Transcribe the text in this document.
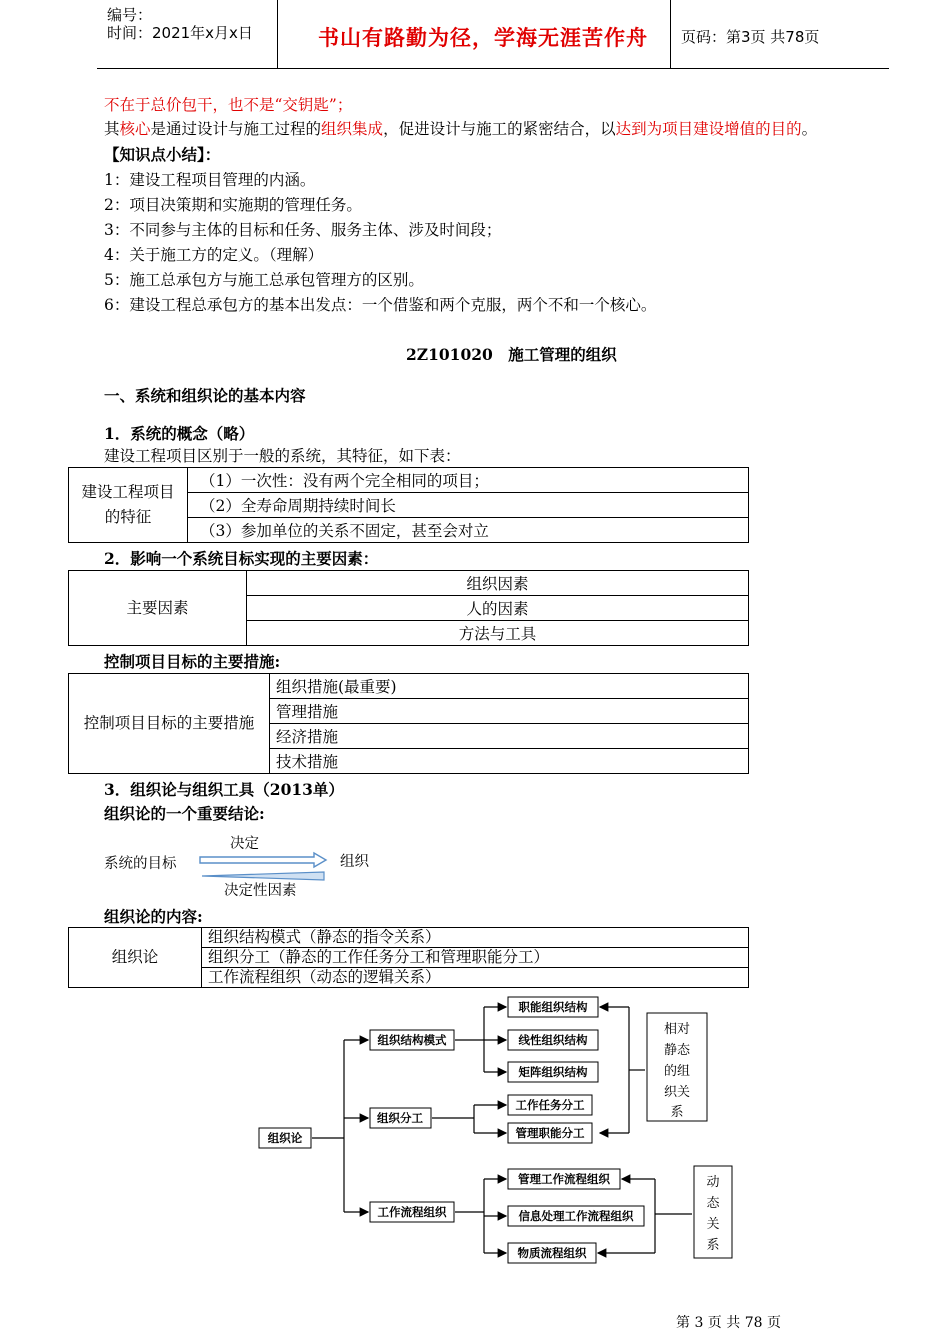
编号：
时间：2021年x月x日	书山有路勤为径，学海无涯苦作舟 页码：第3页 共78页
不在于总价包干，也不是“交钥匙”；
其核心是通过设计与施工过程的组织集成，促进设计与施工的紧密结合，以达到为项目建设增值的目的。
【知识点小结】：
1：建设工程项目管理的内涵。
2：项目决策期和实施期的管理任务。
3：不同参与主体的目标和任务、服务主体、涉及时间段；
4：关于施工方的定义。（理解）
5：施工总承包方与施工总承包管理方的区别。
6：建设工程总承包方的基本出发点：一个借鉴和两个克服，两个不和一个核心。
2Z101020　施工管理的组织
一、系统和组织论的基本内容
1．系统的概念（略）
建设工程项目区别于一般的系统，其特征，如下表：
建设工程项目的特征	（1）一次性：没有两个完全相同的项目；
（2）全寿命周期持续时间长
（3）参加单位的关系不固定，甚至会对立
2．影响一个系统目标实现的主要因素：
主要因素	组织因素
人的因素
方法与工具
控制项目目标的主要措施:
控制项目目标的主要措施	组织措施(最重要)
管理措施
经济措施
技术措施
3．组织论与组织工具（2013单）
组织论的一个重要结论:
系统的目标
决定
组织
决定性因素
组织论的内容:
组织论	组织结构模式（静态的指令关系）
组织分工（静态的工作任务分工和管理职能分工）
工作流程组织（动态的逻辑关系）
组织论
组织结构模式
组织分工
工作流程组织
职能组织结构
线性组织结构
矩阵组织结构
工作任务分工
管理职能分工
管理工作流程组织
信息处理工作流程组织
物质流程组织
相对
静态
的组
织关
系
动
态
关
系
第 3 页 共 78 页
